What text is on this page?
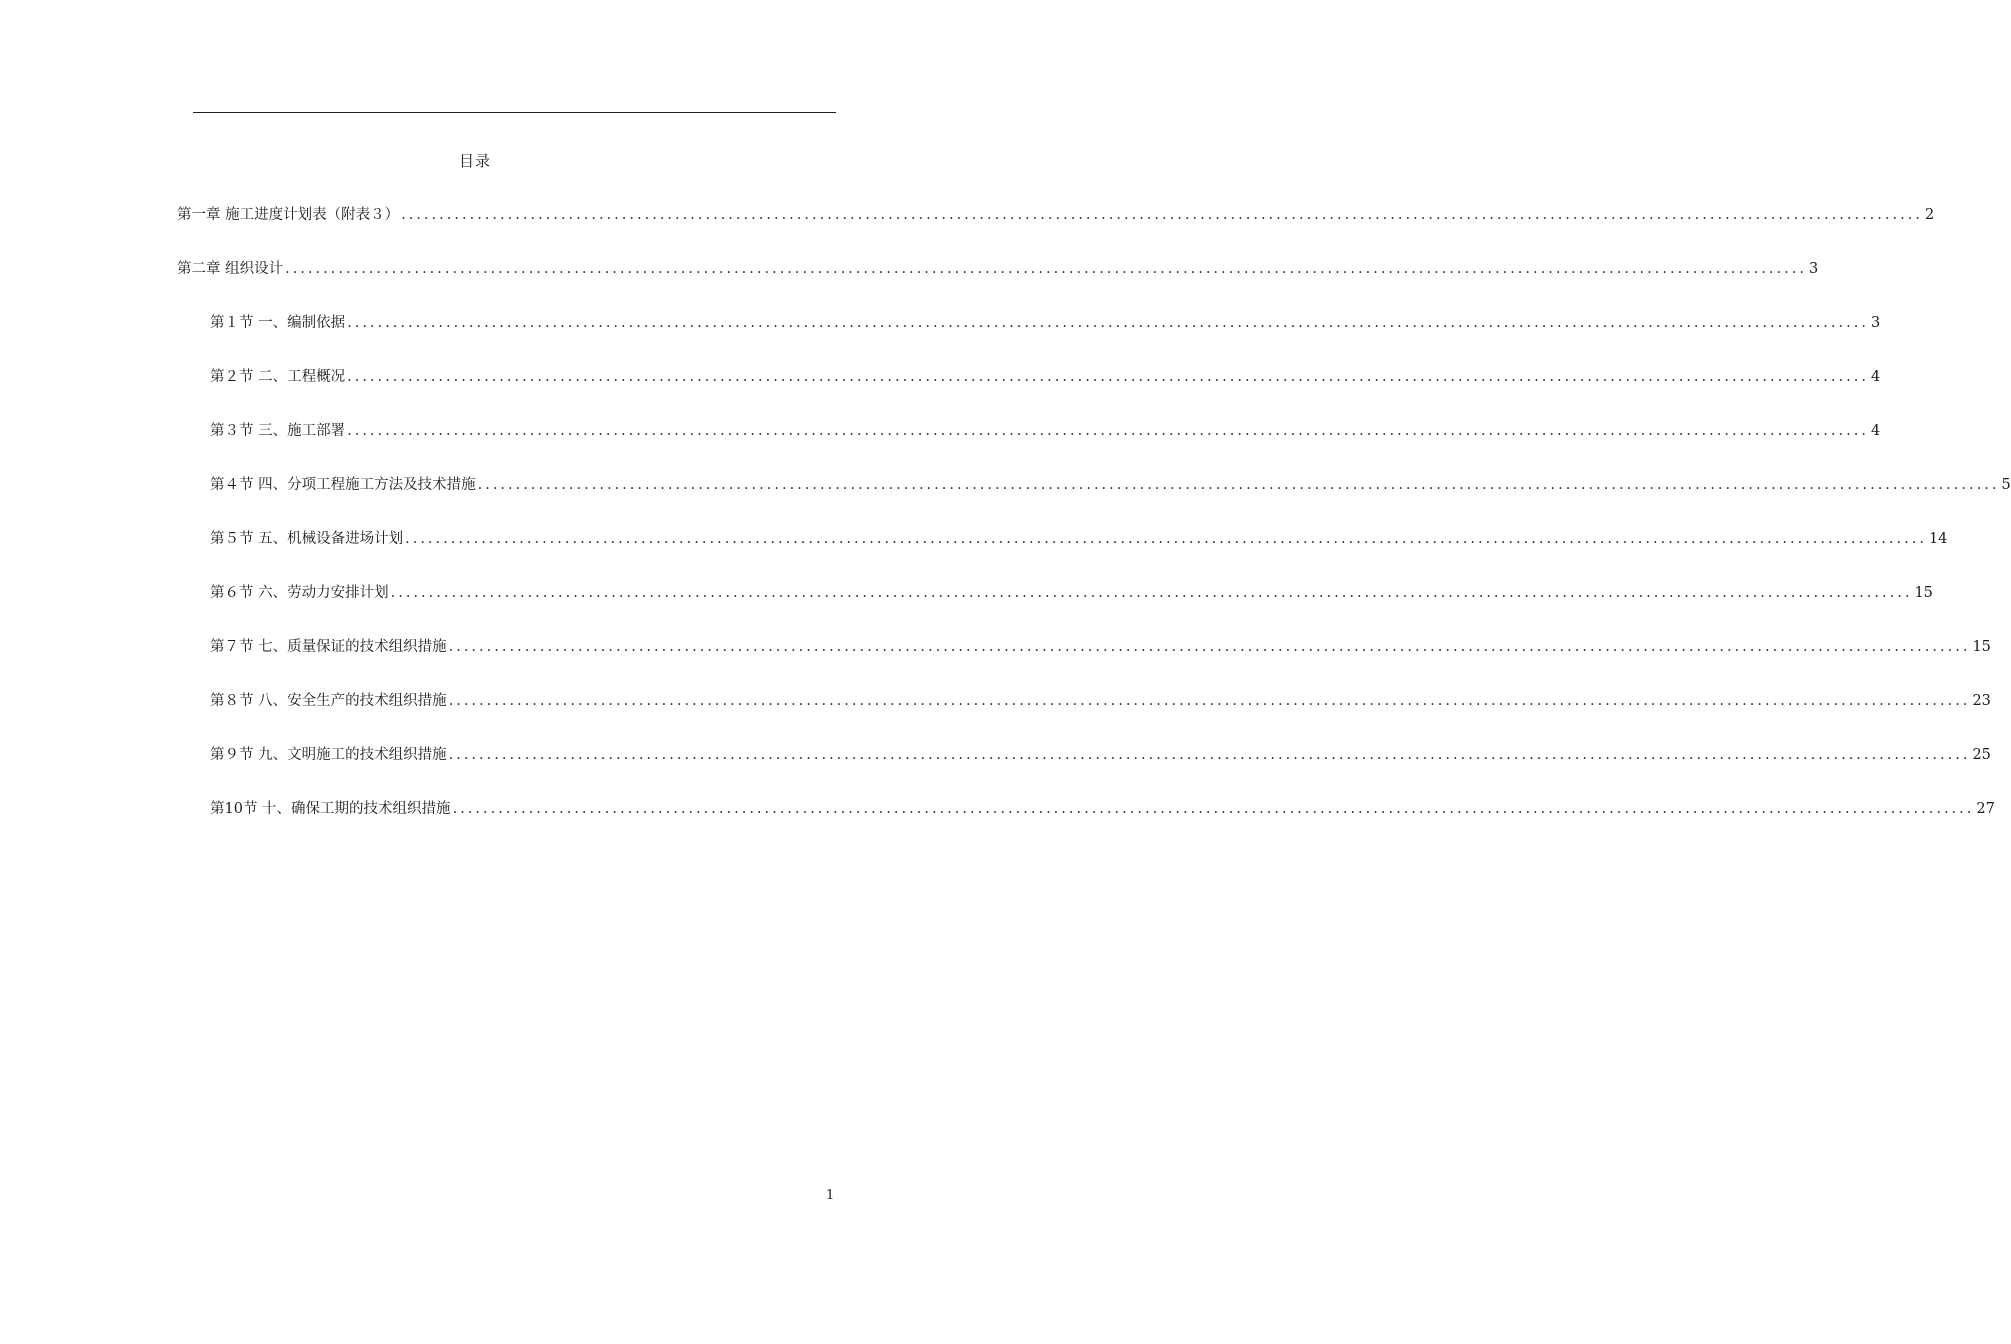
目录
第一章 施工进度计划表（附表３） ........................................................................................................................................................................................................ 2
第二章 组织设计 ........................................................................................................................................................................................................ 3
第１节 一、编制依据 ........................................................................................................................................................................................................ 3
第２节 二、工程概况 ........................................................................................................................................................................................................ 4
第３节 三、施工部署 ........................................................................................................................................................................................................ 4
第４节 四、分项工程施工方法及技术措施 ........................................................................................................................................................................................................ 5
第５节 五、机械设备进场计划 ........................................................................................................................................................................................................ 14
第６节 六、劳动力安排计划 ........................................................................................................................................................................................................ 15
第７节 七、质量保证的技术组织措施 ........................................................................................................................................................................................................ 15
第８节 八、安全生产的技术组织措施 ........................................................................................................................................................................................................ 23
第９节 九、文明施工的技术组织措施 ........................................................................................................................................................................................................ 25
第10节 十、确保工期的技术组织措施 ........................................................................................................................................................................................................ 27
1
